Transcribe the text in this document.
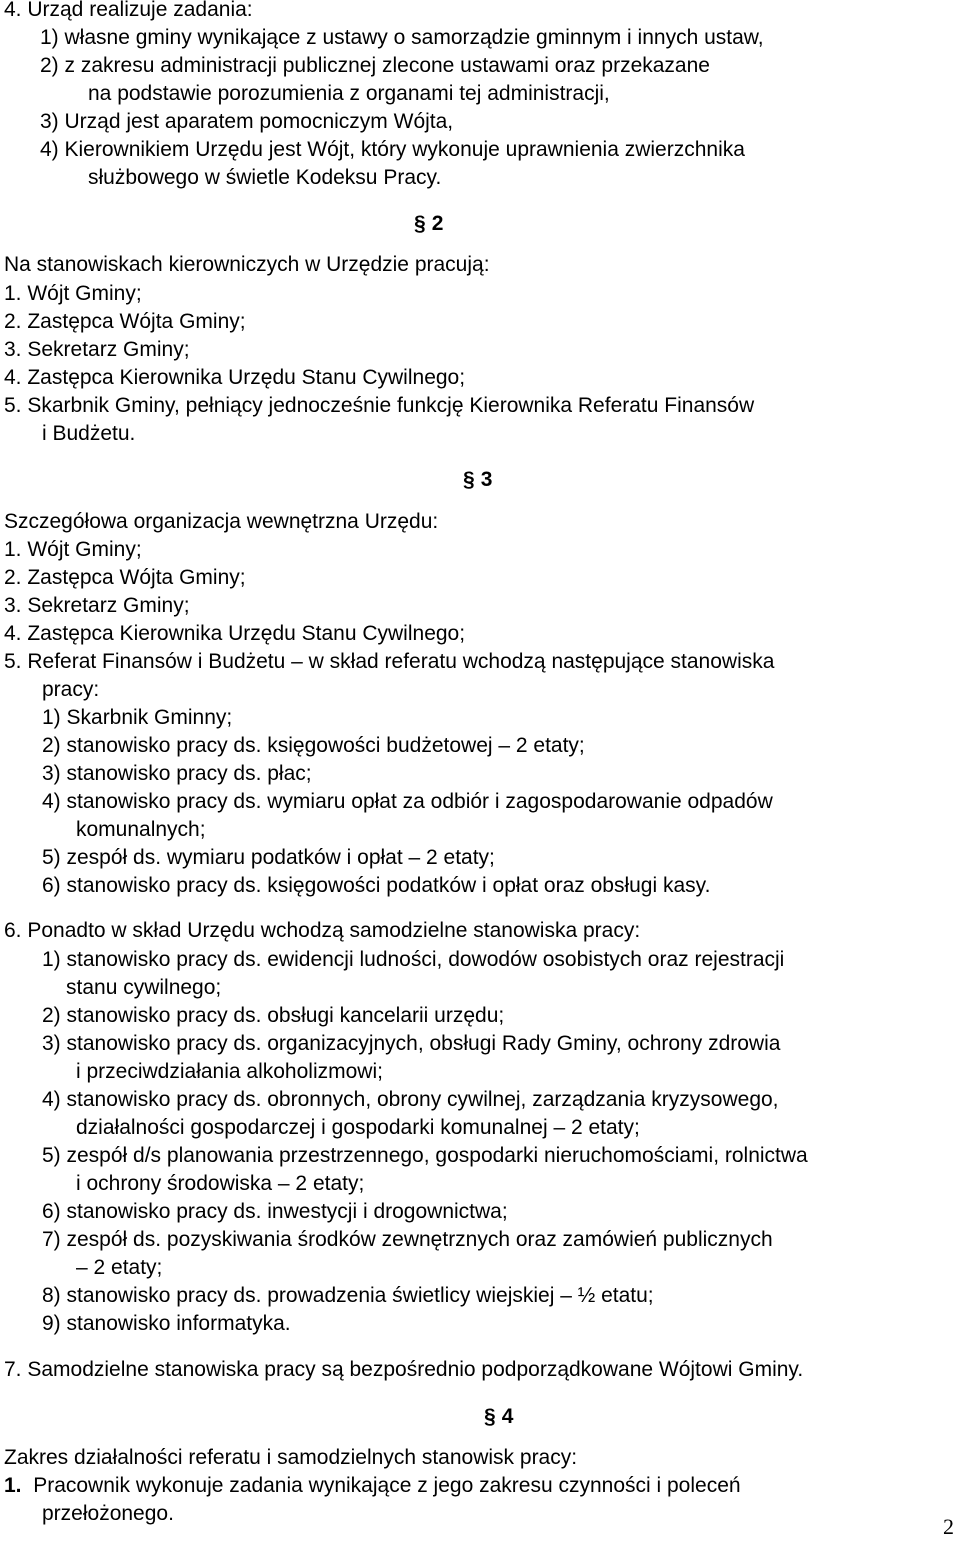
4. Urząd realizuje zadania:
1) własne gminy wynikające z ustawy o samorządzie gminnym i innych ustaw,
2) z zakresu administracji publicznej zlecone ustawami oraz przekazane
na podstawie porozumienia z organami tej administracji,
3) Urząd jest aparatem pomocniczym Wójta,
4) Kierownikiem Urzędu jest Wójt, który wykonuje uprawnienia zwierzchnika
służbowego w świetle Kodeksu Pracy.
§ 2
Na stanowiskach kierowniczych w Urzędzie pracują:
1. Wójt Gminy;
2. Zastępca Wójta Gminy;
3. Sekretarz Gminy;
4. Zastępca Kierownika Urzędu Stanu Cywilnego;
5. Skarbnik Gminy, pełniący jednocześnie funkcję Kierownika Referatu Finansów
i Budżetu.
§ 3
Szczegółowa organizacja wewnętrzna Urzędu:
1. Wójt Gminy;
2. Zastępca Wójta Gminy;
3. Sekretarz Gminy;
4. Zastępca Kierownika Urzędu Stanu Cywilnego;
5. Referat Finansów i Budżetu – w skład referatu wchodzą następujące stanowiska
pracy:
1) Skarbnik Gminny;
2) stanowisko pracy ds. księgowości budżetowej – 2 etaty;
3) stanowisko pracy ds. płac;
4) stanowisko pracy ds. wymiaru opłat za odbiór i zagospodarowanie odpadów
komunalnych;
5) zespół ds. wymiaru podatków i opłat – 2 etaty;
6) stanowisko pracy ds. księgowości podatków i opłat oraz obsługi kasy.
6. Ponadto w skład Urzędu wchodzą samodzielne stanowiska pracy:
1) stanowisko pracy ds. ewidencji ludności, dowodów osobistych oraz rejestracji
stanu cywilnego;
2) stanowisko pracy ds. obsługi kancelarii urzędu;
3) stanowisko pracy ds. organizacyjnych, obsługi Rady Gminy, ochrony zdrowia
i przeciwdziałania alkoholizmowi;
4) stanowisko pracy ds. obronnych, obrony cywilnej, zarządzania kryzysowego,
działalności gospodarczej i gospodarki komunalnej – 2 etaty;
5) zespół d/s planowania przestrzennego, gospodarki nieruchomościami, rolnictwa
i ochrony środowiska – 2 etaty;
6) stanowisko pracy ds. inwestycji i drogownictwa;
7) zespół ds. pozyskiwania środków zewnętrznych oraz zamówień publicznych
– 2 etaty;
8) stanowisko pracy ds. prowadzenia świetlicy wiejskiej – ½ etatu;
9) stanowisko informatyka.
7. Samodzielne stanowiska pracy są bezpośrednio podporządkowane Wójtowi Gminy.
§ 4
Zakres działalności referatu i samodzielnych stanowisk pracy:
1. Pracownik wykonuje zadania wynikające z jego zakresu czynności i poleceń
przełożonego.
2
